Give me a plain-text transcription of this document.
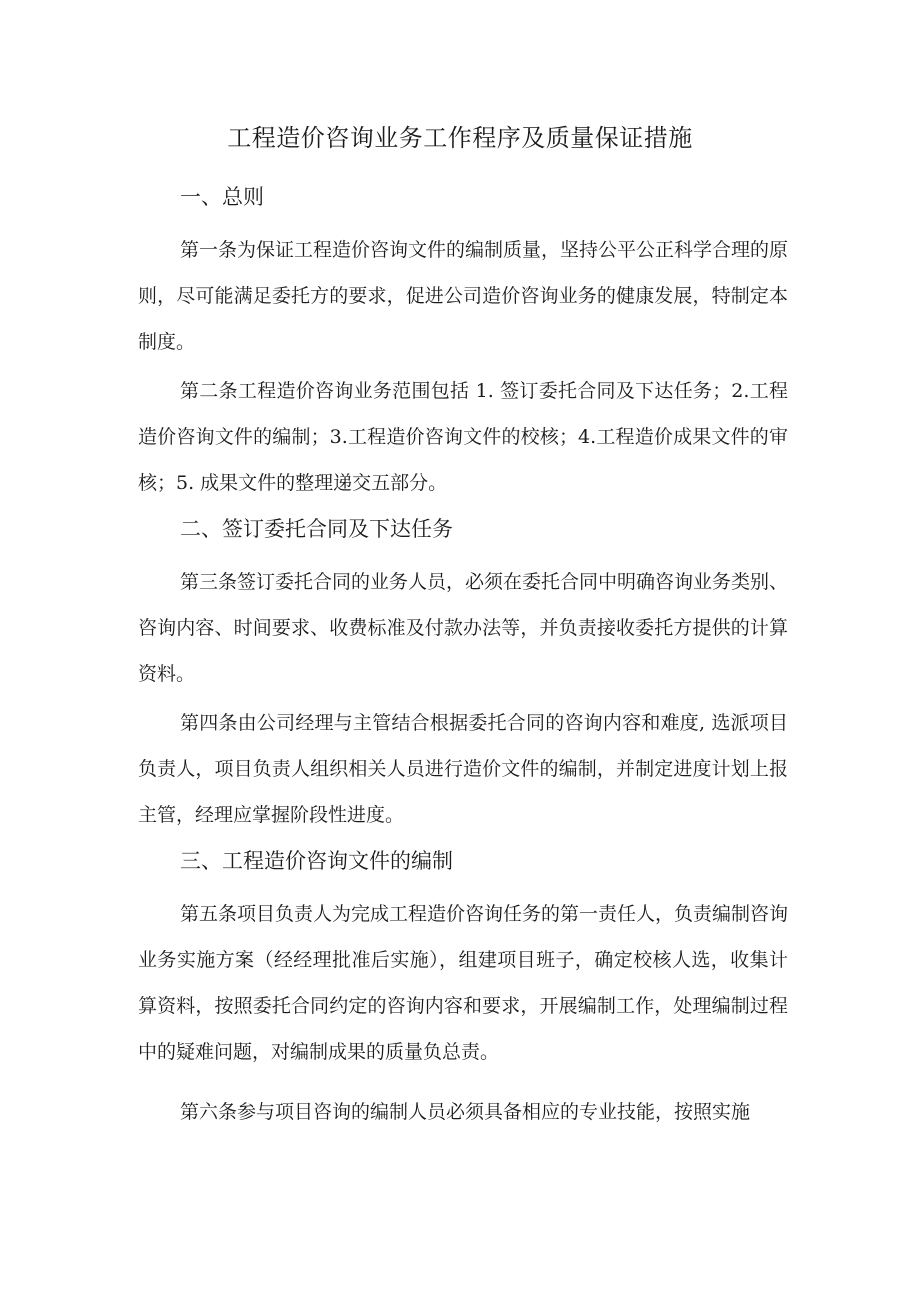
工程造价咨询业务工作程序及质量保证措施
一、总则
第一条为保证工程造价咨询文件的编制质量，坚持公平公正科学合理的原则，尽可能满足委托方的要求，促进公司造价咨询业务的健康发展，特制定本制度。
第二条工程造价咨询业务范围包括 1. 签订委托合同及下达任务；2.工程造价咨询文件的编制；3.工程造价咨询文件的校核；4.工程造价成果文件的审核；5. 成果文件的整理递交五部分。
二、签订委托合同及下达任务
第三条签订委托合同的业务人员，必须在委托合同中明确咨询业务类别、咨询内容、时间要求、收费标准及付款办法等，并负责接收委托方提供的计算资料。
第四条由公司经理与主管结合根据委托合同的咨询内容和难度, 选派项目负责人，项目负责人组织相关人员进行造价文件的编制，并制定进度计划上报主管，经理应掌握阶段性进度。
三、工程造价咨询文件的编制
第五条项目负责人为完成工程造价咨询任务的第一责任人，负责编制咨询业务实施方案（经经理批准后实施），组建项目班子，确定校核人选，收集计算资料，按照委托合同约定的咨询内容和要求，开展编制工作，处理编制过程中的疑难问题，对编制成果的质量负总责。
第六条参与项目咨询的编制人员必须具备相应的专业技能，按照实施
